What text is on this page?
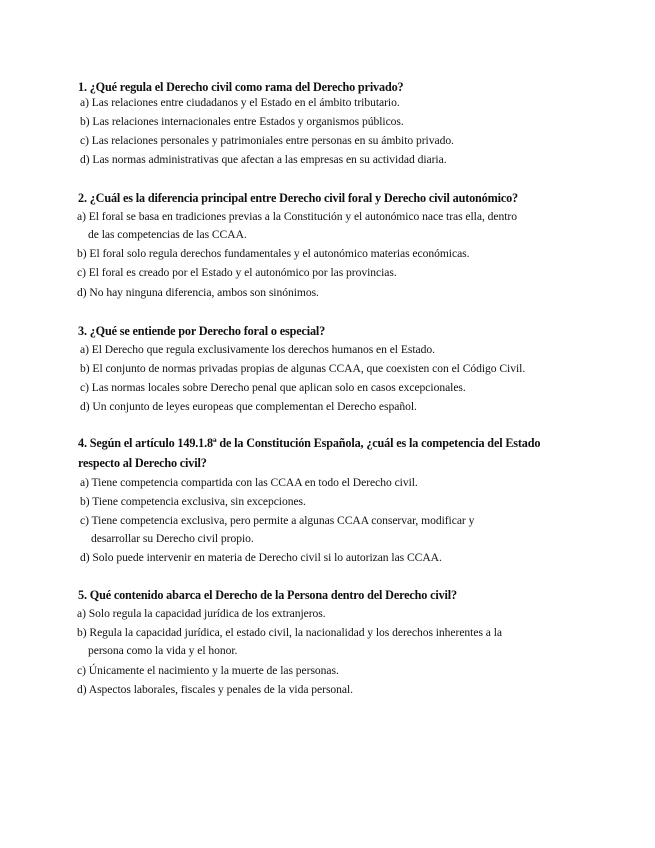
1. ¿Qué regula el Derecho civil como rama del Derecho privado?

a) Las relaciones entre ciudadanos y el Estado en el ámbito tributario.
b) Las relaciones internacionales entre Estados y organismos públicos.
c) Las relaciones personales y patrimoniales entre personas en su ámbito privado.
d) Las normas administrativas que afectan a las empresas en su actividad diaria.

2. ¿Cuál es la diferencia principal entre Derecho civil foral y Derecho civil autonómico?

a) El foral se basa en tradiciones previas a la Constitución y el autonómico nace tras ella, dentro
de las competencias de las CCAA.
b) El foral solo regula derechos fundamentales y el autonómico materias económicas.
c) El foral es creado por el Estado y el autonómico por las provincias.
d) No hay ninguna diferencia, ambos son sinónimos.

3. ¿Qué se entiende por Derecho foral o especial?

a) El Derecho que regula exclusivamente los derechos humanos en el Estado.
b) El conjunto de normas privadas propias de algunas CCAA, que coexisten con el Código Civil.
c) Las normas locales sobre Derecho penal que aplican solo en casos excepcionales.
d) Un conjunto de leyes europeas que complementan el Derecho español.

4. Según el artículo 149.1.8ª de la Constitución Española, ¿cuál es la competencia del Estado
respecto al Derecho civil?

a) Tiene competencia compartida con las CCAA en todo el Derecho civil.
b) Tiene competencia exclusiva, sin excepciones.
c) Tiene competencia exclusiva, pero permite a algunas CCAA conservar, modificar y
desarrollar su Derecho civil propio.
d) Solo puede intervenir en materia de Derecho civil si lo autorizan las CCAA.

5. Qué contenido abarca el Derecho de la Persona dentro del Derecho civil?

a) Solo regula la capacidad jurídica de los extranjeros.
b) Regula la capacidad jurídica, el estado civil, la nacionalidad y los derechos inherentes a la
persona como la vida y el honor.
c) Únicamente el nacimiento y la muerte de las personas.
d) Aspectos laborales, fiscales y penales de la vida personal.
